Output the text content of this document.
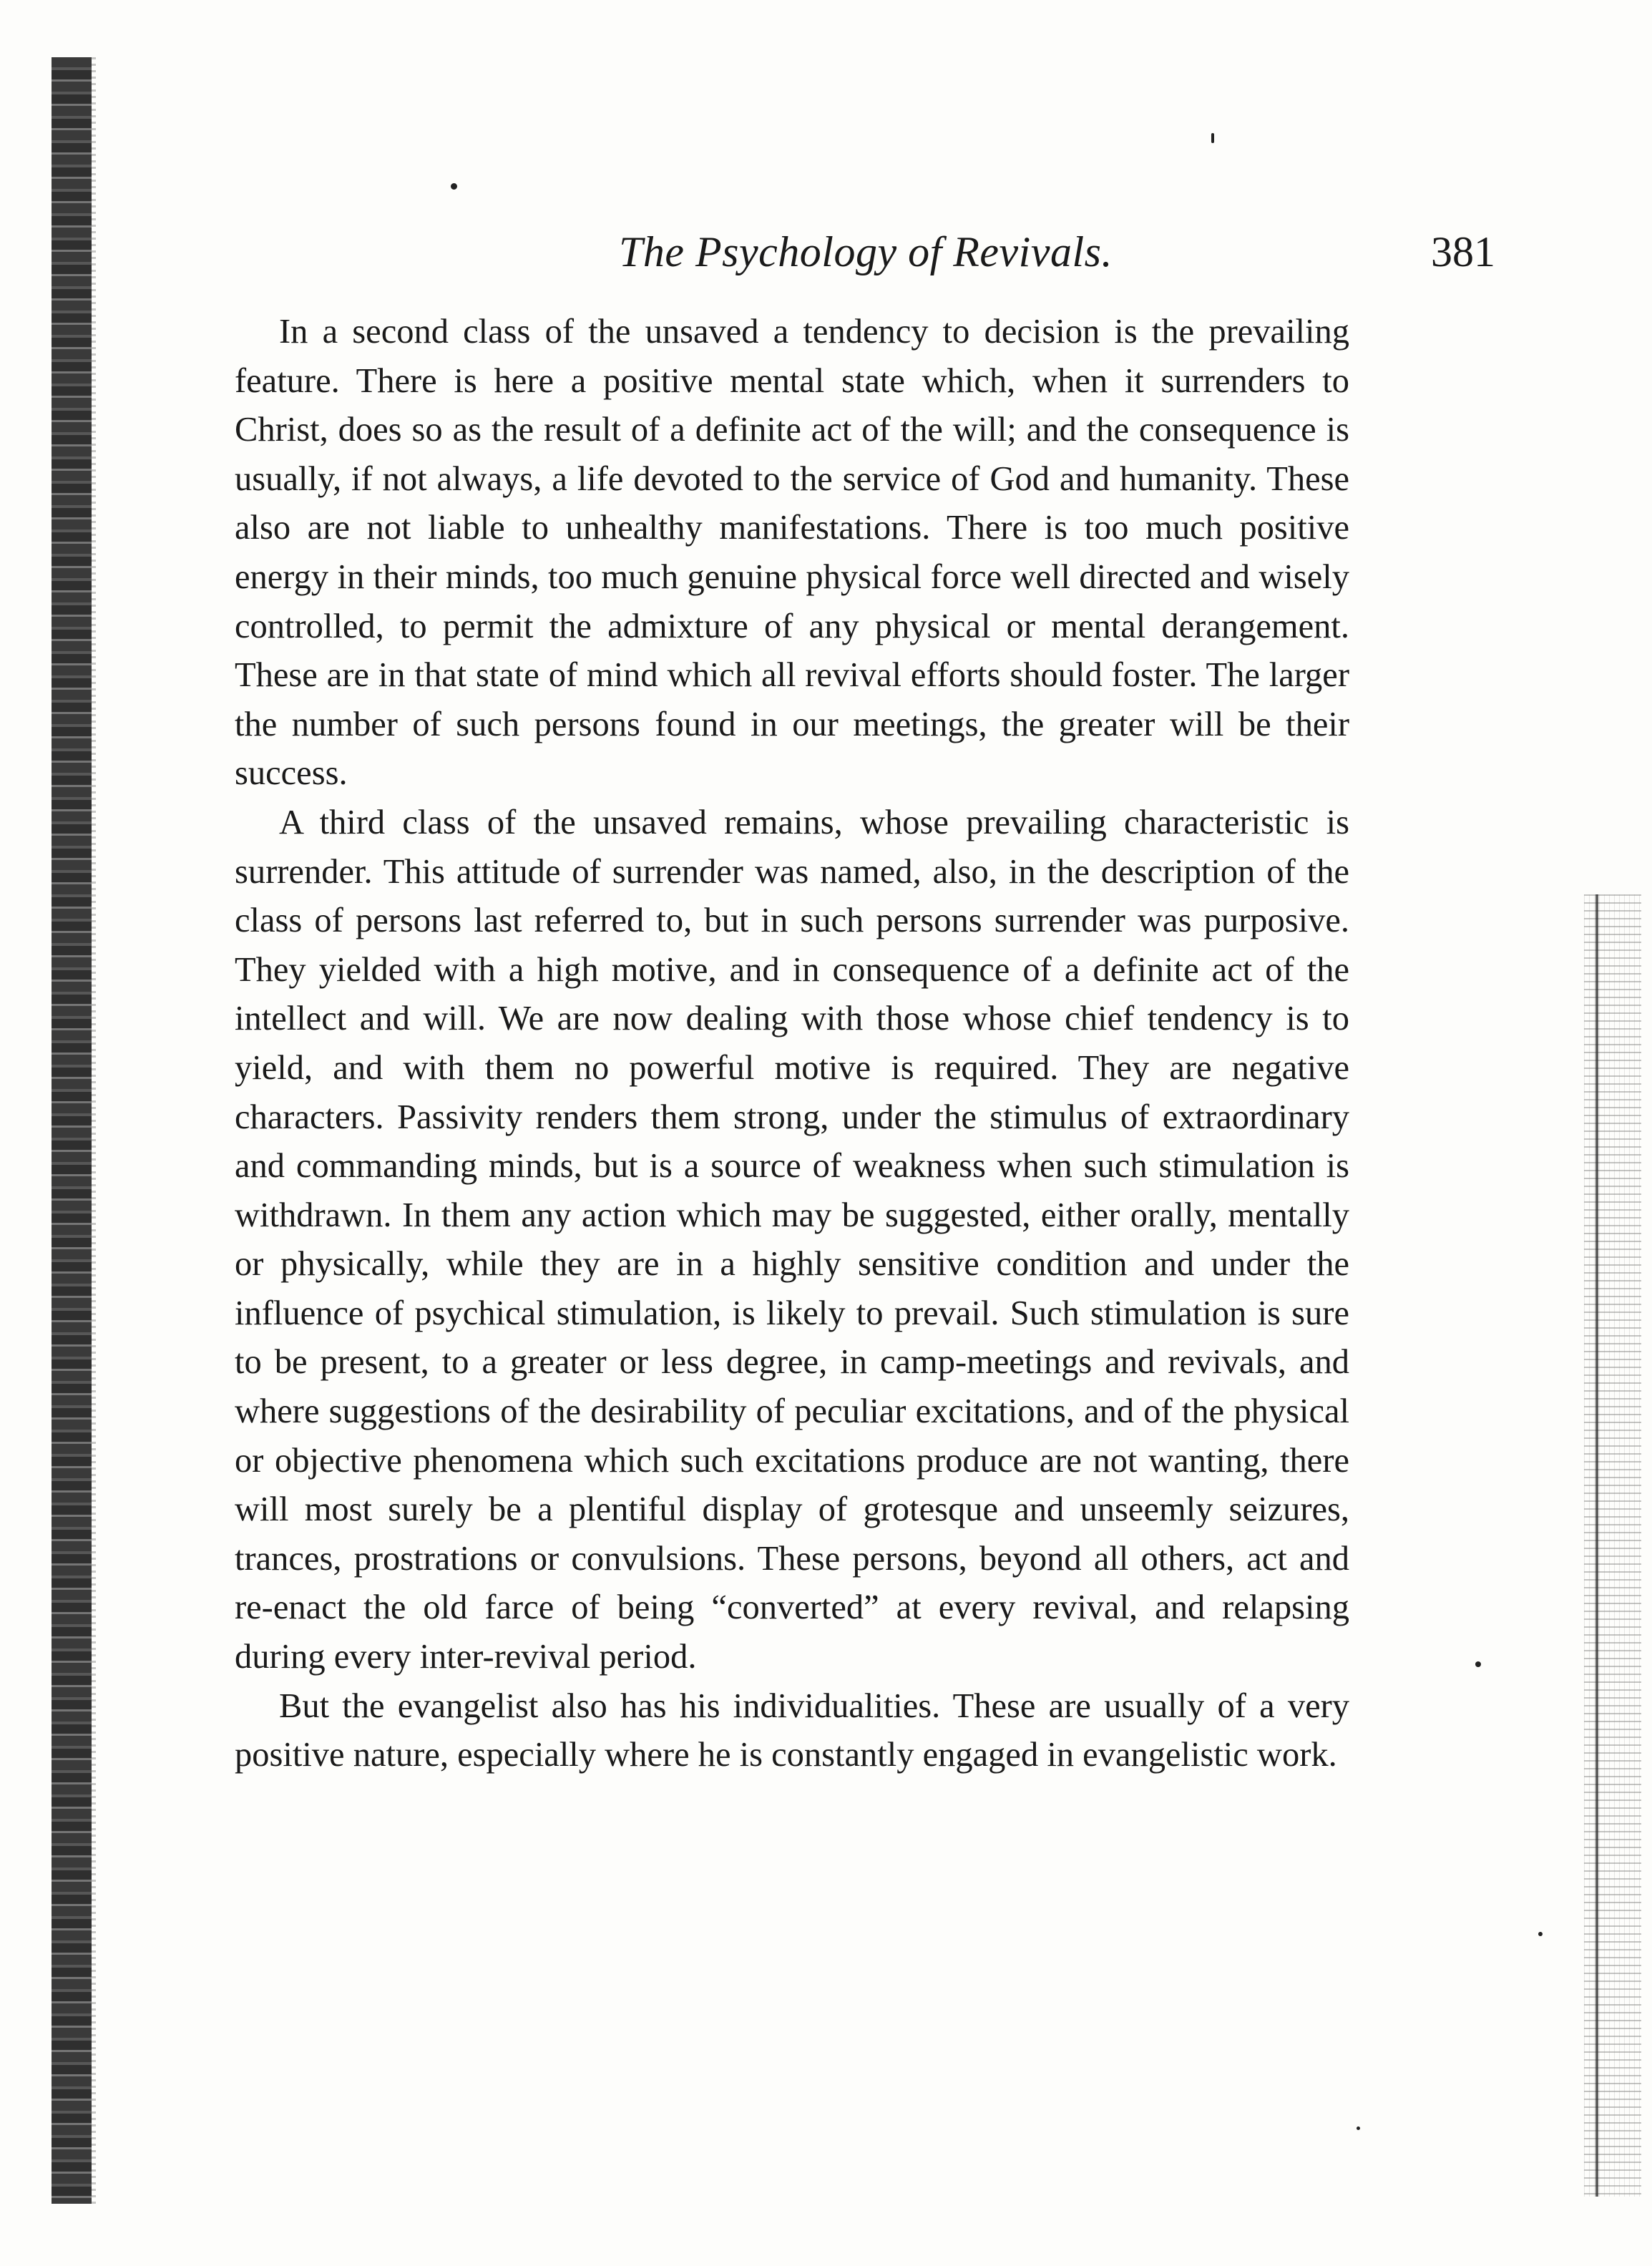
The Psychology of Revivals.	381

In a second class of the unsaved a tendency to decision is the prevailing feature. There is here a positive mental state which, when it surrenders to Christ, does so as the result of a definite act of the will; and the consequence is usually, if not always, a life devoted to the service of God and humanity. These also are not liable to unhealthy manifestations. There is too much positive energy in their minds, too much genuine physical force well directed and wisely controlled, to permit the admixture of any physical or mental derangement. These are in that state of mind which all revival efforts should foster. The larger the number of such persons found in our meetings, the greater will be their success.

A third class of the unsaved remains, whose prevailing characteristic is surrender. This attitude of surrender was named, also, in the description of the class of persons last referred to, but in such persons surrender was purposive. They yielded with a high motive, and in consequence of a definite act of the intellect and will. We are now dealing with those whose chief tendency is to yield, and with them no powerful motive is required. They are negative characters. Passivity renders them strong, under the stimulus of extraordinary and commanding minds, but is a source of weakness when such stimulation is withdrawn. In them any action which may be suggested, either orally, mentally or physically, while they are in a highly sensitive condition and under the influence of psychical stimulation, is likely to prevail. Such stimulation is sure to be present, to a greater or less degree, in camp-meetings and revivals, and where suggestions of the desirability of peculiar excitations, and of the physical or objective phenomena which such excitations produce are not wanting, there will most surely be a plentiful display of grotesque and unseemly seizures, trances, prostrations or convulsions. These persons, beyond all others, act and re-enact the old farce of being “converted” at every revival, and relapsing during every inter-revival period.

But the evangelist also has his individualities. These are usually of a very positive nature, especially where he is constantly engaged in evangelistic work.
